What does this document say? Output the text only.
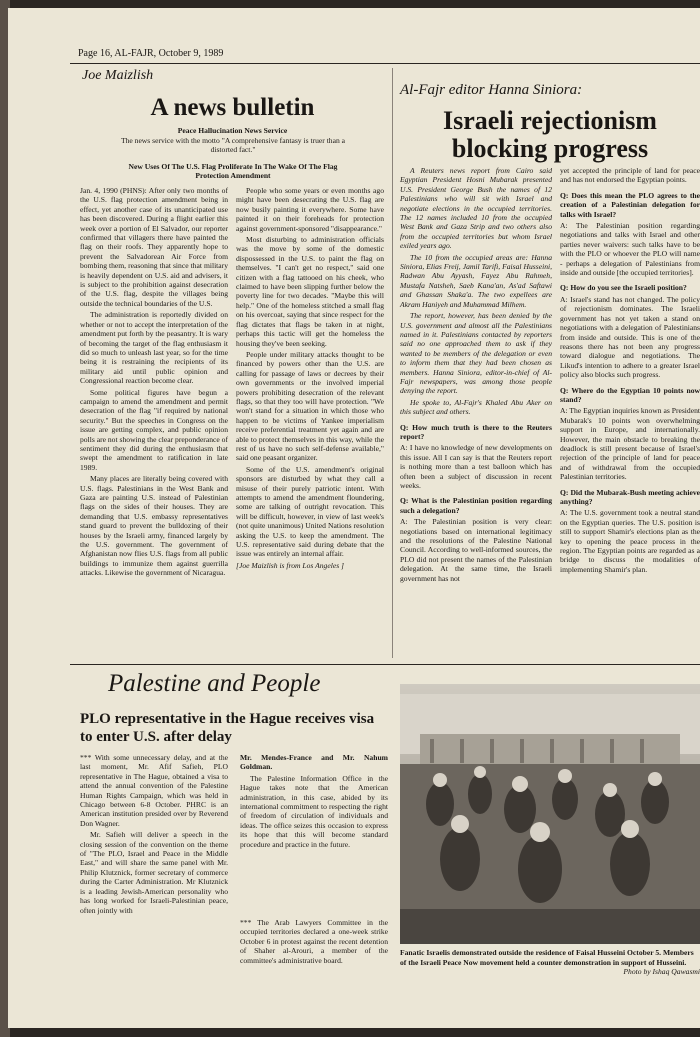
Page 16, AL-FAJR, October 9, 1989
Joe Maizlish
A news bulletin
Peace Hallucination News Service
The news service with the motto "A comprehensive fantasy is truer than a distorted fact."
New Uses Of The U.S. Flag Proliferate In The Wake Of The Flag Protection Amendment

Jan. 4, 1990 (PHNS): After only two months of the U.S. flag protection amendment being in effect, yet another case of its unanticipated use has been discovered. During a flight earlier this week over a portion of El Salvador, our reporter confirmed that villagers there have painted the flag on their roofs. They apparently hope to prevent the Salvadorean Air Force from bombing them, reasoning that since that military is heavily dependent on U.S. aid and advisers, it is subject to the prohibition against desecration of the U.S. flag, despite the villages being outside the technical boundaries of the U.S.

The administration is reportedly divided on whether or not to accept the interpretation of the amendment put forth by the peasantry. It is wary of becoming the target of the flag enthusiasm it did so much to unleash last year, so for the time being it is restraining the recipients of its military aid until public opinion and Congressional reaction become clear.

Some political figures have begun a campaign to amend the amendment and permit desecration of the flag "if required by national security." But the speeches in Congress on the issue are getting complex, and public opinion polls are not showing the clear preponderance of sentiment they did during the enthusiasm that swept the amendment to ratification in late 1989.

Many places are literally being covered with U.S. flags. Palestinians in the West Bank and Gaza are painting U.S. instead of Palestinian flags on the sides of their houses. They are demanding that U.S. embassy representatives stand guard to prevent the bulldozing of their houses by the Israeli army, financed largely by the U.S. government. The government of Afghanistan now flies U.S. flags from all public buildings to immunize them against guerrilla attacks. Likewise the government of Nicaragua.

People who some years or even months ago might have been desecrating the U.S. flag are now busily painting it everywhere. Some have painted it on their foreheads for protection against government-sponsored "disappearance."

Most disturbing to administration officials was the move by some of the domestic dispossessed in the U.S. to paint the flag on themselves. "I can't get no respect," said one citizen with a flag tattooed on his cheek, who claimed to have been slipping further below the poverty line for two decades. "Maybe this will help." One of the homeless stitched a small flag on his overcoat, saying that since respect for the flag dictates that flags be taken in at night, perhaps this tactic will get the homeless the housing they've been seeking.

People under military attacks thought to be financed by powers other than the U.S. are calling for passage of laws or decrees by their own governments or the involved imperial powers prohibiting desecration of the relevant flags, so that they too will have protection. "We won't stand for a situation in which those who happen to be victims of Yankee imperialism receive preferential treatment yet again and are able to protect themselves in this way, while the rest of us have no such self-defense available," said one peasant organizer.

Some of the U.S. amendment's original sponsors are disturbed by what they call a misuse of their purely patriotic intent. With attempts to amend the amendment floundering, some are talking of outright revocation. This will be difficult, however, in view of last week's (not quite unanimous) United Nations resolution asking the U.S. to keep the amendment. The U.S. representative said during debate that the issue was entirely an internal affair.

[Joe Maizlish is from Los Angeles ]

Al-Fajr editor Hanna Siniora:
Israeli rejectionism
blocking progress

A Reuters news report from Cairo said Egyptian President Hosni Mubarak presented U.S. President George Bush the names of 12 Palestinians who will sit with Israel and negotiate elections in the occupied territories. The 12 names included 10 from the occupied West Bank and Gaza Strip and two others also from the occupied territories but whom Israel exiled years ago.

The 10 from the occupied areas are: Hanna Siniora, Elias Freij, Jamil Tarifi, Faisal Husseini, Radwan Abu Ayyash, Fayez Abu Rahmeh, Mustafa Natsheh, Saeb Kana'an, As'ad Saftawi and Ghassan Shaka'a. The two expellees are Akram Haniyeh and Muhammad Milhem.

The report, however, has been denied by the U.S. government and almost all the Palestinians named in it. Palestinians contacted by reporters said no one approached them to ask if they wanted to be members of the delegation or even to inform them that they had been chosen as members. Hanna Siniora, editor-in-chief of Al-Fajr newspapers, was among those people denying the report.

He spoke to, Al-Fajr's Khaled Abu Aker on this subject and others.

Q: How much truth is there to the Reuters report?

A: I have no knowledge of new developments on this issue. All I can say is that the Reuters report is nothing more than a test balloon which has often been a subject of discussion in recent weeks.

Q: What is the Palestinian position regarding such a delegation?

A: The Palestinian position is very clear: negotiations based on international legitimacy and the resolutions of the Palestine National Council. According to well-informed sources, the PLO did not present the names of the Palestinian delegation. At the same time, the Israeli government has not

yet accepted the principle of land for peace and has not endorsed the Egyptian points.

Q: Does this mean the PLO agrees to the creation of a Palestinian delegation for talks with Israel?

A: The Palestinian position regarding negotiations and talks with Israel and other parties never waivers: such talks have to be with the PLO or whoever the PLO will name - perhaps a delegation of Palestinians from inside and outside [the occupied territories].

Q: How do you see the Israeli position?

A: Israel's stand has not changed. The policy of rejectionism dominates. The Israeli government has not yet taken a stand on negotiations with a delegation of Palestinians from inside and outside. This is one of the reasons there has not been any progress toward dialogue and negotiations. The Likud's intention to adhere to a greater Israel policy also blocks such progress.

Q: Where do the Egyptian 10 points now stand?

A: The Egyptian inquiries known as President Mubarak's 10 points won overwhelming support in Europe, and internationally. However, the main obstacle to breaking the deadlock is still present because of Israel's rejection of the principle of land for peace and of withdrawal from the occupied Palestinian territories.

Q: Did the Mubarak-Bush meeting achieve anything?

A: The U.S. government took a neutral stand on the Egyptian queries. The U.S. position is still to support Shamir's elections plan as the key to opening the peace process in the region. The Egyptian points are regarded as a bridge to discuss the modalities of implementing Shamir's plan.

Palestine and People
PLO representative in the Hague receives visa to enter U.S. after delay

*** With some unnecessary delay, and at the last moment, Mr. Afif Safieh, PLO representative in The Hague, obtained a visa to attend the annual convention of the Palestine Human Rights Campaign, which was held in Chicago between 6-8 October. PHRC is an American institution presided over by Reverend Don Wagner.

Mr. Safieh will deliver a speech in the closing session of the convention on the theme of "The PLO, Israel and Peace in the Middle East," and will share the same panel with Mr. Philip Klutznick, former secretary of commerce during the Carter Administration. Mr Klutznick is a leading Jewish-American personality who has long worked for Israeli-Palestinian peace, often jointly with

Mr. Mendes-France and Mr. Nahum Goldman.

The Palestine Information Office in the Hague takes note that the American administration, in this case, abided by its international commitment to respecting the right of freedom of circulation of individuals and ideas. The office seizes this occasion to express its hope that this will become standard procedure and practice in the future.

*** The Arab Lawyers Committee in the occupied territories declared a one-week strike October 6 in protest against the recent detention of Shaher al-Arouri, a member of the committee's administrative board.

Fanatic Israelis demonstrated outside the residence of Faisal Husseini October 5. Members of the Israeli Peace Now movement held a counter demonstration in support of Husseini.
Photo by Ishaq Qawasmi
